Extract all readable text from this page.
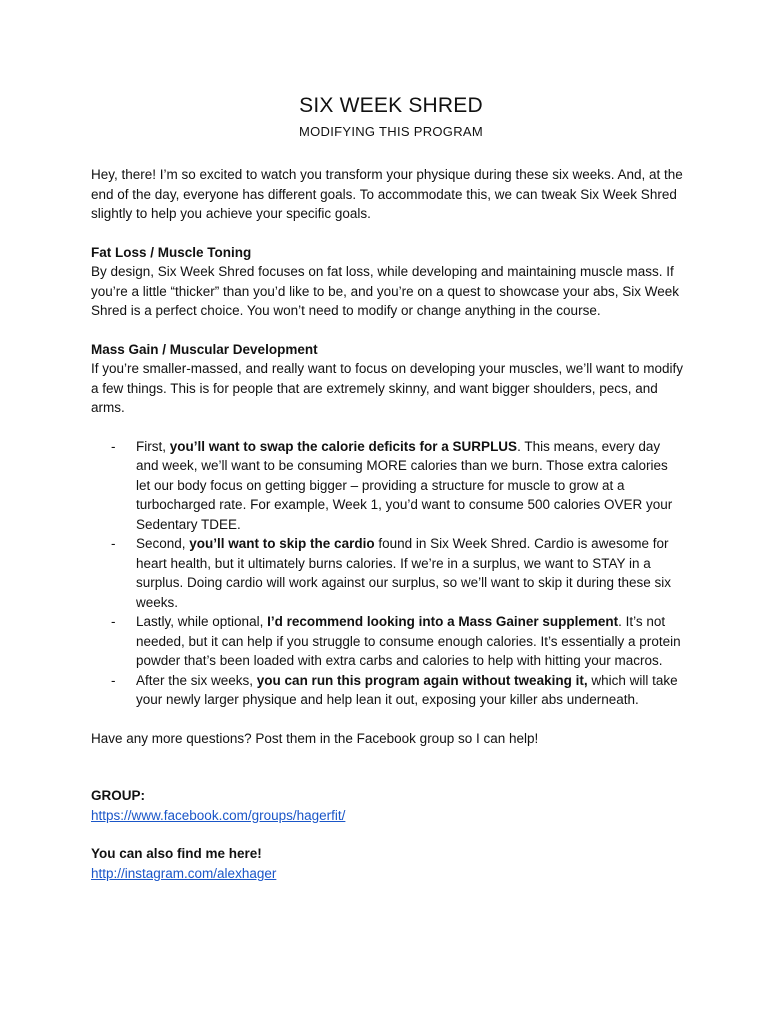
SIX WEEK SHRED
MODIFYING THIS PROGRAM

Hey, there! I’m so excited to watch you transform your physique during these six weeks. And, at the end of the day, everyone has different goals. To accommodate this, we can tweak Six Week Shred slightly to help you achieve your specific goals.

Fat Loss / Muscle Toning

By design, Six Week Shred focuses on fat loss, while developing and maintaining muscle mass. If you’re a little “thicker” than you’d like to be, and you’re on a quest to showcase your abs, Six Week Shred is a perfect choice. You won’t need to modify or change anything in the course.

Mass Gain / Muscular Development

If you’re smaller-massed, and really want to focus on developing your muscles, we’ll want to modify a few things. This is for people that are extremely skinny, and want bigger shoulders, pecs, and arms.

- First, you’ll want to swap the calorie deficits for a SURPLUS. This means, every day and week, we’ll want to be consuming MORE calories than we burn. Those extra calories let our body focus on getting bigger – providing a structure for muscle to grow at a turbocharged rate. For example, Week 1, you’d want to consume 500 calories OVER your Sedentary TDEE.
- Second, you’ll want to skip the cardio found in Six Week Shred. Cardio is awesome for heart health, but it ultimately burns calories. If we’re in a surplus, we want to STAY in a surplus. Doing cardio will work against our surplus, so we’ll want to skip it during these six weeks.
- Lastly, while optional, I’d recommend looking into a Mass Gainer supplement. It’s not needed, but it can help if you struggle to consume enough calories. It’s essentially a protein powder that’s been loaded with extra carbs and calories to help with hitting your macros.
- After the six weeks, you can run this program again without tweaking it, which will take your newly larger physique and help lean it out, exposing your killer abs underneath.

Have any more questions? Post them in the Facebook group so I can help!

GROUP:

https://www.facebook.com/groups/hagerfit/

You can also find me here!

http://instagram.com/alexhager
